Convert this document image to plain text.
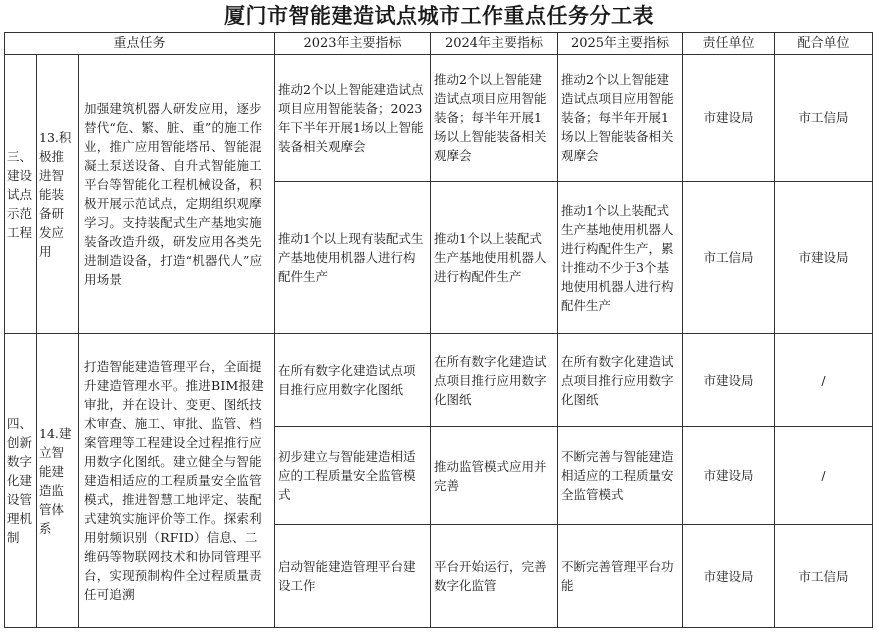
厦门市智能建造试点城市工作重点任务分工表
重点任务			2023年主要指标	2024年主要指标	2025年主要指标	责任单位	配合单位
三、建设试点示范工程	13.积极推进智能装备研发应用	加强建筑机器人研发应用，逐步替代“危、繁、脏、重”的施工作业，推广应用智能塔吊、智能混凝土泵送设备、自升式智能施工平台等智能化工程机械设备，积极开展示范试点，定期组织观摩学习。支持装配式生产基地实施装备改造升级，研发应用各类先进制造设备，打造“机器代人”应用场景	推动2个以上智能建造试点项目应用智能装备；2023年下半年开展1场以上智能装备相关观摩会	推动2个以上智能建造试点项目应用智能装备；每半年开展1场以上智能装备相关观摩会	推动2个以上智能建造试点项目应用智能装备；每半年开展1场以上智能装备相关观摩会	市建设局	市工信局
			推动1个以上现有装配式生产基地使用机器人进行构配件生产	推动1个以上装配式生产基地使用机器人进行构配件生产	推动1个以上装配式生产基地使用机器人进行构配件生产，累计推动不少于3个基地使用机器人进行构配件生产	市工信局	市建设局
四、创新数字化建设管理机制	14.建立智能建造监管体系	打造智能建造管理平台，全面提升建造管理水平。推进BIM报建审批，并在设计、变更、图纸技术审查、施工、审批、监管、档案管理等工程建设全过程推行应用数字化图纸。建立健全与智能建造相适应的工程质量安全监管模式，推进智慧工地评定、装配式建筑实施评价等工作。探索利用射频识别（RFID）信息、二维码等物联网技术和协同管理平台，实现预制构件全过程质量责任可追溯	在所有数字化建造试点项目推行应用数字化图纸	在所有数字化建造试点项目推行应用数字化图纸	在所有数字化建造试点项目推行应用数字化图纸	市建设局	/
			初步建立与智能建造相适应的工程质量安全监管模式	推动监管模式应用并完善	不断完善与智能建造相适应的工程质量安全监管模式	市建设局	/
			启动智能建造管理平台建设工作	平台开始运行，完善数字化监管	不断完善管理平台功能	市建设局	市工信局
